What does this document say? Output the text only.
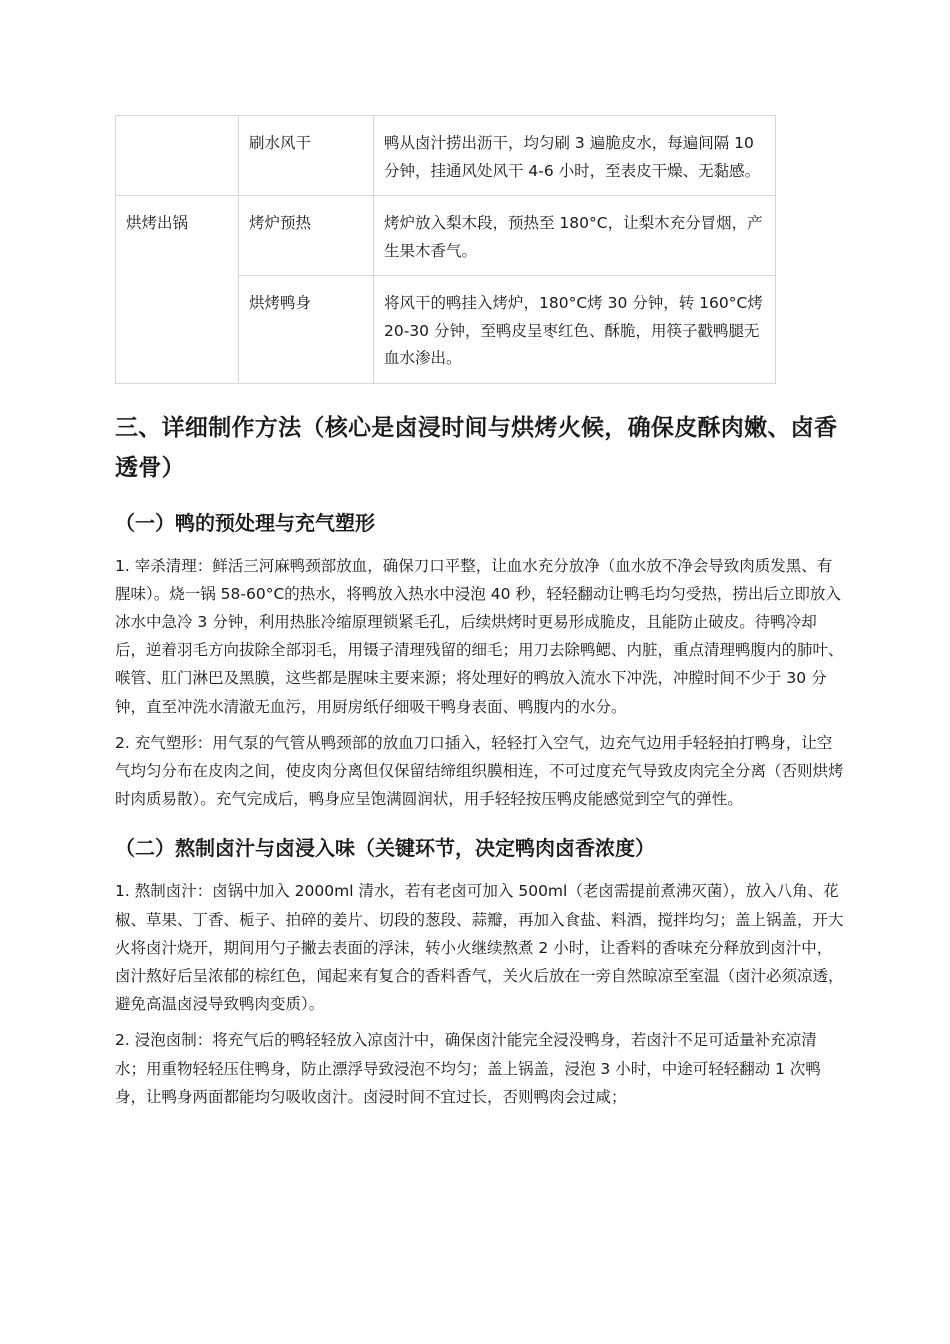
	刷水风干	鸭从卤汁捞出沥干，均匀刷 3 遍脆皮水，每遍间隔 10 分钟，挂通风处风干 4-6 小时，至表皮干燥、无黏感。
烘烤出锅	烤炉预热	烤炉放入梨木段，预热至 180°C，让梨木充分冒烟，产生果木香气。
	烘烤鸭身	将风干的鸭挂入烤炉，180°C烤 30 分钟，转 160°C烤 20-30 分钟，至鸭皮呈枣红色、酥脆，用筷子戳鸭腿无血水渗出。
三、详细制作方法（核心是卤浸时间与烘烤火候，确保皮酥肉嫩、卤香透骨）
（一）鸭的预处理与充气塑形

1. 宰杀清理：鲜活三河麻鸭颈部放血，确保刀口平整，让血水充分放净（血水放不净会导致肉质发黑、有腥味）。烧一锅 58-60°C的热水，将鸭放入热水中浸泡 40 秒，轻轻翻动让鸭毛均匀受热，捞出后立即放入冰水中急冷 3 分钟，利用热胀冷缩原理锁紧毛孔，后续烘烤时更易形成脆皮，且能防止破皮。待鸭冷却后，逆着羽毛方向拔除全部羽毛，用镊子清理残留的细毛；用刀去除鸭鳃、内脏，重点清理鸭腹内的肺叶、喉管、肛门淋巴及黑膜，这些都是腥味主要来源；将处理好的鸭放入流水下冲洗，冲膛时间不少于 30 分钟，直至冲洗水清澈无血污，用厨房纸仔细吸干鸭身表面、鸭腹内的水分。

2. 充气塑形：用气泵的气管从鸭颈部的放血刀口插入，轻轻打入空气，边充气边用手轻轻拍打鸭身，让空气均匀分布在皮肉之间，使皮肉分离但仅保留结缔组织膜相连，不可过度充气导致皮肉完全分离（否则烘烤时肉质易散）。充气完成后，鸭身应呈饱满圆润状，用手轻轻按压鸭皮能感觉到空气的弹性。

（二）熬制卤汁与卤浸入味（关键环节，决定鸭肉卤香浓度）

1. 熬制卤汁：卤锅中加入 2000ml 清水，若有老卤可加入 500ml（老卤需提前煮沸灭菌），放入八角、花椒、草果、丁香、栀子、拍碎的姜片、切段的葱段、蒜瓣，再加入食盐、料酒，搅拌均匀；盖上锅盖，开大火将卤汁烧开，期间用勺子撇去表面的浮沫，转小火继续熬煮 2 小时，让香料的香味充分释放到卤汁中，卤汁熬好后呈浓郁的棕红色，闻起来有复合的香料香气，关火后放在一旁自然晾凉至室温（卤汁必须凉透，避免高温卤浸导致鸭肉变质）。

2. 浸泡卤制：将充气后的鸭轻轻放入凉卤汁中，确保卤汁能完全浸没鸭身，若卤汁不足可适量补充凉清水；用重物轻轻压住鸭身，防止漂浮导致浸泡不均匀；盖上锅盖，浸泡 3 小时，中途可轻轻翻动 1 次鸭身，让鸭身两面都能均匀吸收卤汁。卤浸时间不宜过长，否则鸭肉会过咸；
